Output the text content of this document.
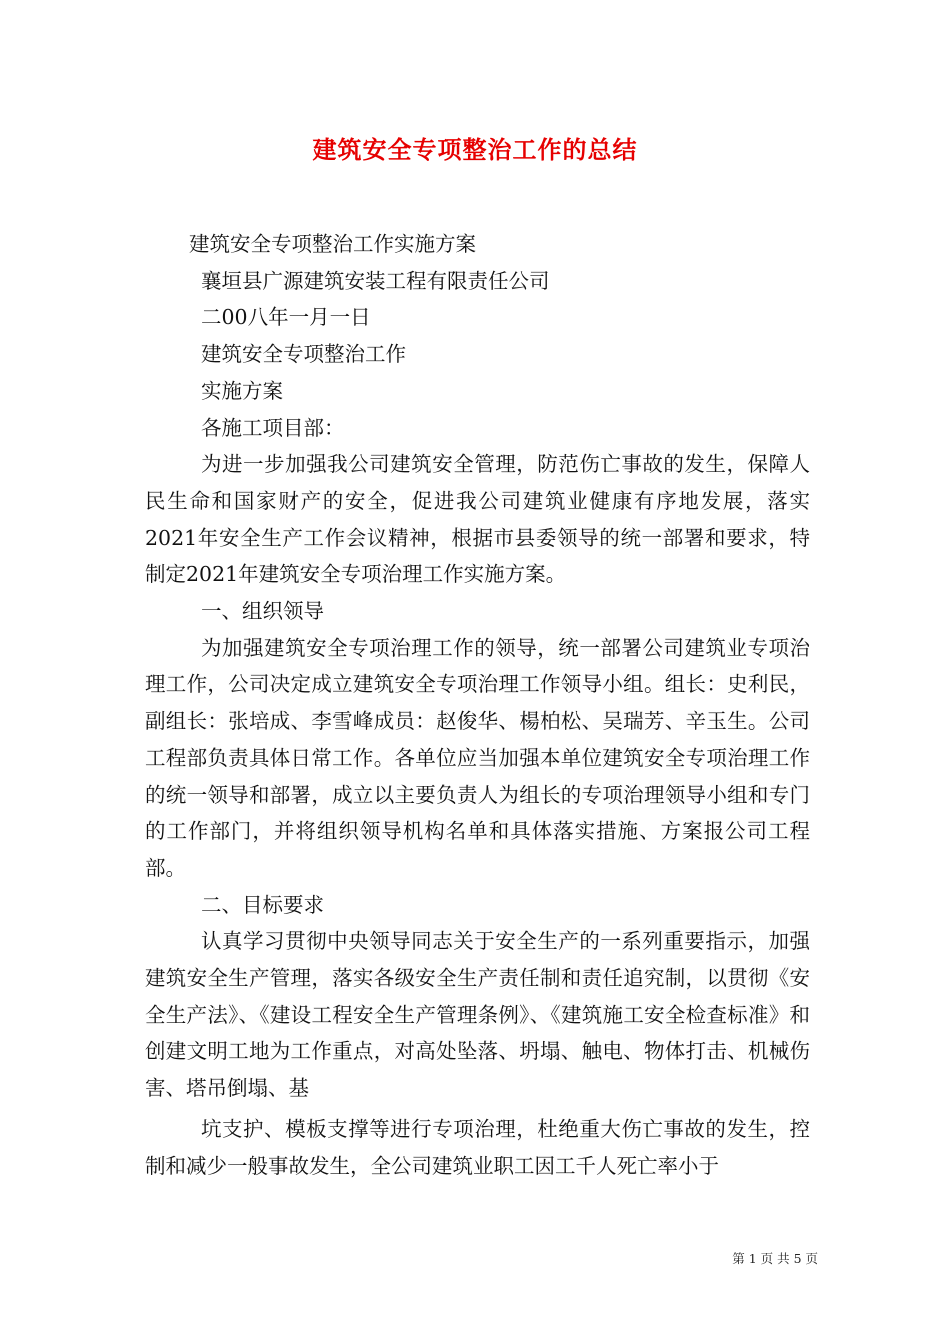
建筑安全专项整治工作的总结
建筑安全专项整治工作实施方案
襄垣县广源建筑安装工程有限责任公司
二00八年一月一日
建筑安全专项整治工作
实施方案
各施工项目部：

为进一步加强我公司建筑安全管理，防范伤亡事故的发生，保障人民生命和国家财产的安全，促进我公司建筑业健康有序地发展，落实2021年安全生产工作会议精神，根据市县委领导的统一部署和要求，特制定2021年建筑安全专项治理工作实施方案。

一、组织领导

为加强建筑安全专项治理工作的领导，统一部署公司建筑业专项治理工作，公司决定成立建筑安全专项治理工作领导小组。组长：史利民，副组长：张培成、李雪峰成员：赵俊华、楊柏松、吴瑞芳、辛玉生。公司工程部负责具体日常工作。各单位应当加强本单位建筑安全专项治理工作的统一领导和部署，成立以主要负责人为组长的专项治理领导小组和专门的工作部门，并将组织领导机构名单和具体落实措施、方案报公司工程部。

二、目标要求

认真学习贯彻中央领导同志关于安全生产的一系列重要指示，加强建筑安全生产管理，落实各级安全生产责任制和责任追究制，以贯彻《安全生产法》、《建设工程安全生产管理条例》、《建筑施工安全检查标准》和创建文明工地为工作重点，对高处坠落、坍塌、触电、物体打击、机械伤害、塔吊倒塌、基

坑支护、模板支撑等进行专项治理，杜绝重大伤亡事故的发生，控制和减少一般事故发生，全公司建筑业职工因工千人死亡率小于

第 1 页 共 5 页
